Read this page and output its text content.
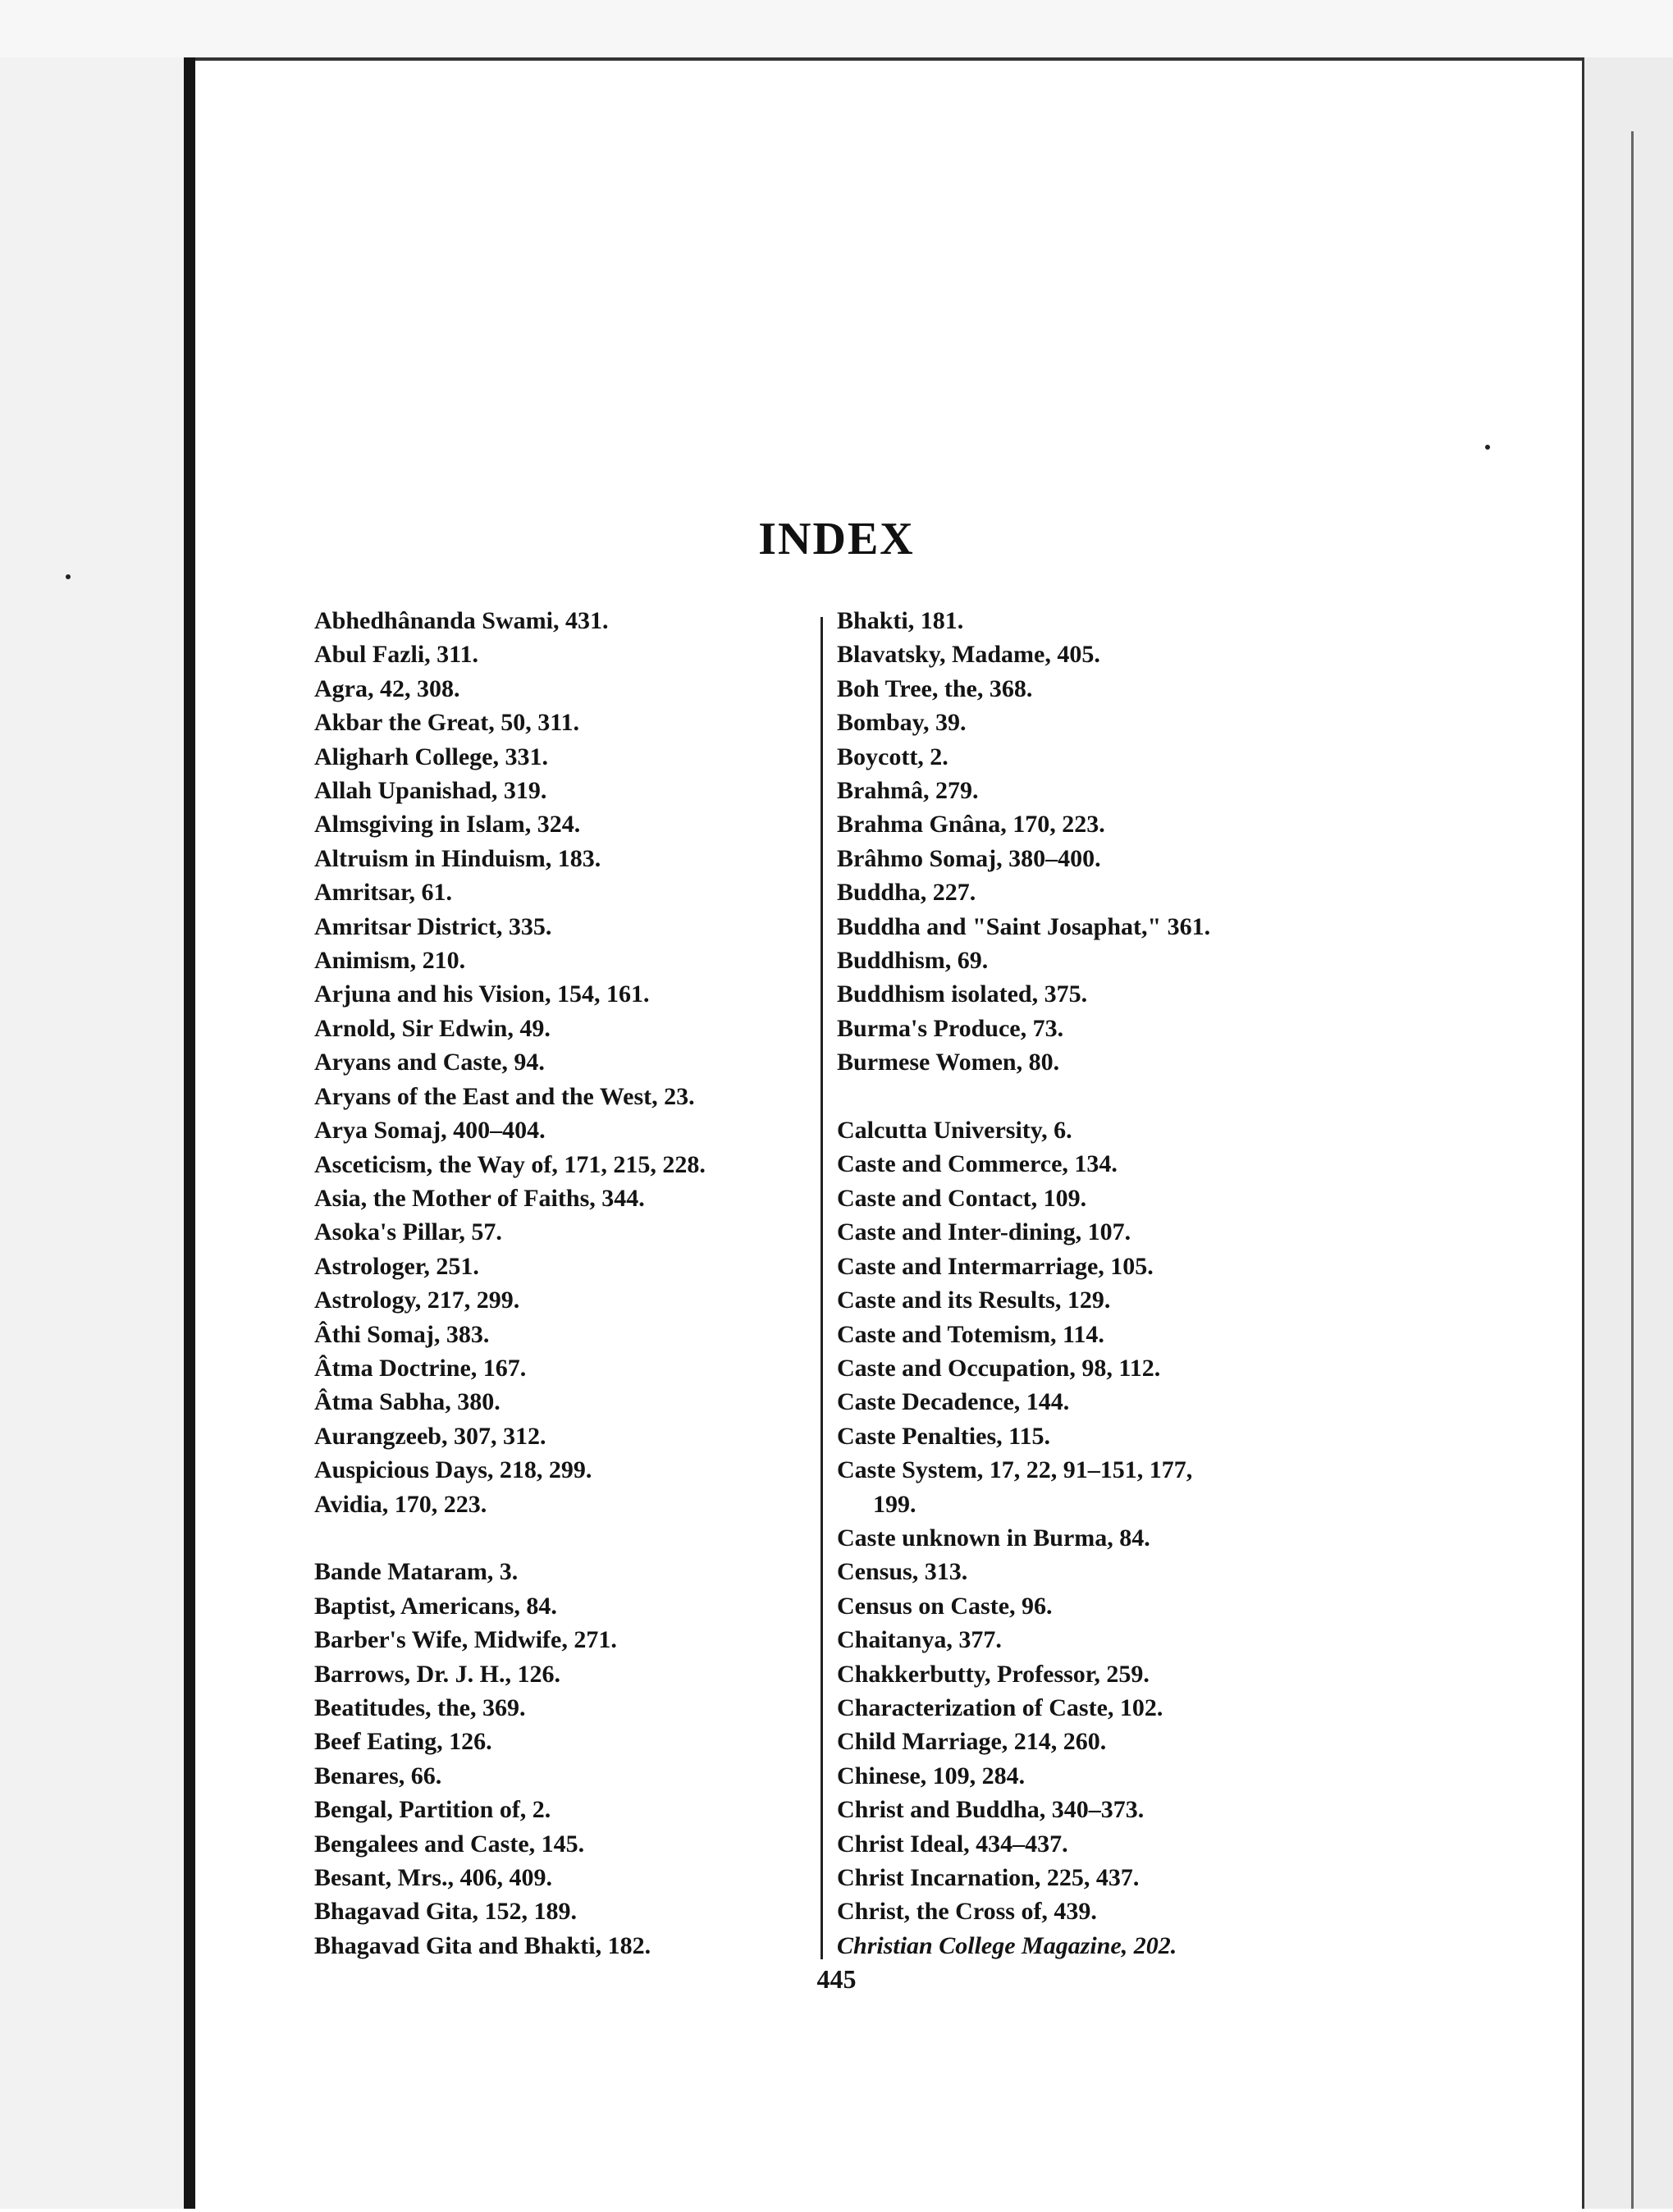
INDEX
Abhedhânanda Swami, 431.
Abul Fazli, 311.
Agra, 42, 308.
Akbar the Great, 50, 311.
Aligharh College, 331.
Allah Upanishad, 319.
Almsgiving in Islam, 324.
Altruism in Hinduism, 183.
Amritsar, 61.
Amritsar District, 335.
Animism, 210.
Arjuna and his Vision, 154, 161.
Arnold, Sir Edwin, 49.
Aryans and Caste, 94.
Aryans of the East and the West, 23.
Arya Somaj, 400–404.
Asceticism, the Way of, 171, 215, 228.
Asia, the Mother of Faiths, 344.
Asoka's Pillar, 57.
Astrologer, 251.
Astrology, 217, 299.
Âthi Somaj, 383.
Âtma Doctrine, 167.
Âtma Sabha, 380.
Aurangzeeb, 307, 312.
Auspicious Days, 218, 299.
Avidia, 170, 223.
Bande Mataram, 3.
Baptist, Americans, 84.
Barber's Wife, Midwife, 271.
Barrows, Dr. J. H., 126.
Beatitudes, the, 369.
Beef Eating, 126.
Benares, 66.
Bengal, Partition of, 2.
Bengalees and Caste, 145.
Besant, Mrs., 406, 409.
Bhagavad Gita, 152, 189.
Bhagavad Gita and Bhakti, 182.
Bhakti, 181.
Blavatsky, Madame, 405.
Boh Tree, the, 368.
Bombay, 39.
Boycott, 2.
Brahmâ, 279.
Brahma Gnâna, 170, 223.
Brâhmo Somaj, 380–400.
Buddha, 227.
Buddha and "Saint Josaphat," 361.
Buddhism, 69.
Buddhism isolated, 375.
Burma's Produce, 73.
Burmese Women, 80.
Calcutta University, 6.
Caste and Commerce, 134.
Caste and Contact, 109.
Caste and Inter-dining, 107.
Caste and Intermarriage, 105.
Caste and its Results, 129.
Caste and Totemism, 114.
Caste and Occupation, 98, 112.
Caste Decadence, 144.
Caste Penalties, 115.
Caste System, 17, 22, 91–151, 177,
199.
Caste unknown in Burma, 84.
Census, 313.
Census on Caste, 96.
Chaitanya, 377.
Chakkerbutty, Professor, 259.
Characterization of Caste, 102.
Child Marriage, 214, 260.
Chinese, 109, 284.
Christ and Buddha, 340–373.
Christ Ideal, 434–437.
Christ Incarnation, 225, 437.
Christ, the Cross of, 439.
Christian College Magazine, 202.
445
